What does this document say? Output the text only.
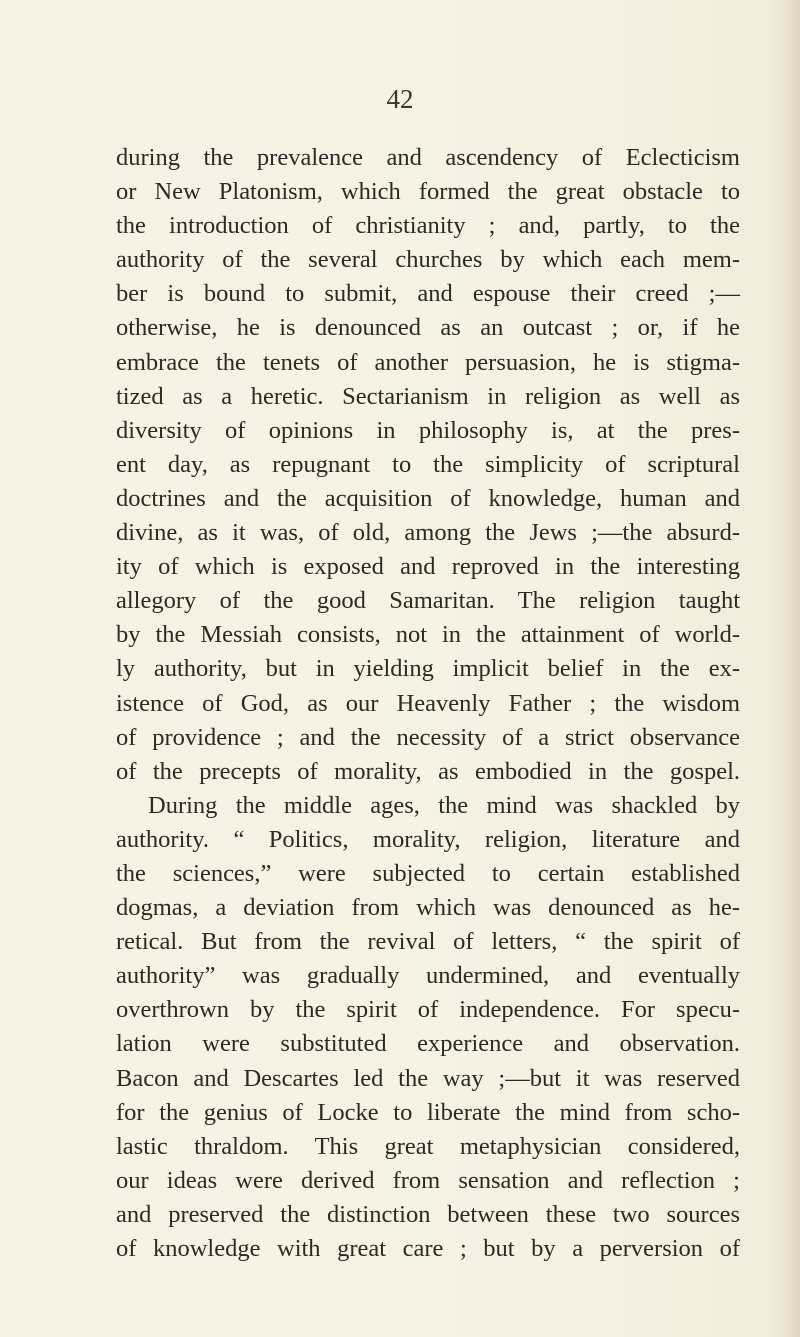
42
during the prevalence and ascendency of Eclecticism
or New Platonism, which formed the great obstacle to
the introduction of christianity ; and, partly, to the
authority of the several churches by which each mem-
ber is bound to submit, and espouse their creed ;—
otherwise, he is denounced as an outcast ; or, if he
embrace the tenets of another persuasion, he is stigma-
tized as a heretic. Sectarianism in religion as well as
diversity of opinions in philosophy is, at the pres-
ent day, as repugnant to the simplicity of scriptural
doctrines and the acquisition of knowledge, human and
divine, as it was, of old, among the Jews ;—the absurd-
ity of which is exposed and reproved in the interesting
allegory of the good Samaritan. The religion taught
by the Messiah consists, not in the attainment of world-
ly authority, but in yielding implicit belief in the ex-
istence of God, as our Heavenly Father ; the wisdom
of providence ; and the necessity of a strict observance
of the precepts of morality, as embodied in the gospel.
During the middle ages, the mind was shackled by
authority. “ Politics, morality, religion, literature and
the sciences,” were subjected to certain established
dogmas, a deviation from which was denounced as he-
retical. But from the revival of letters, “ the spirit of
authority” was gradually undermined, and eventually
overthrown by the spirit of independence. For specu-
lation were substituted experience and observation.
Bacon and Descartes led the way ;—but it was reserved
for the genius of Locke to liberate the mind from scho-
lastic thraldom. This great metaphysician considered,
our ideas were derived from sensation and reflection ;
and preserved the distinction between these two sources
of knowledge with great care ; but by a perversion of
